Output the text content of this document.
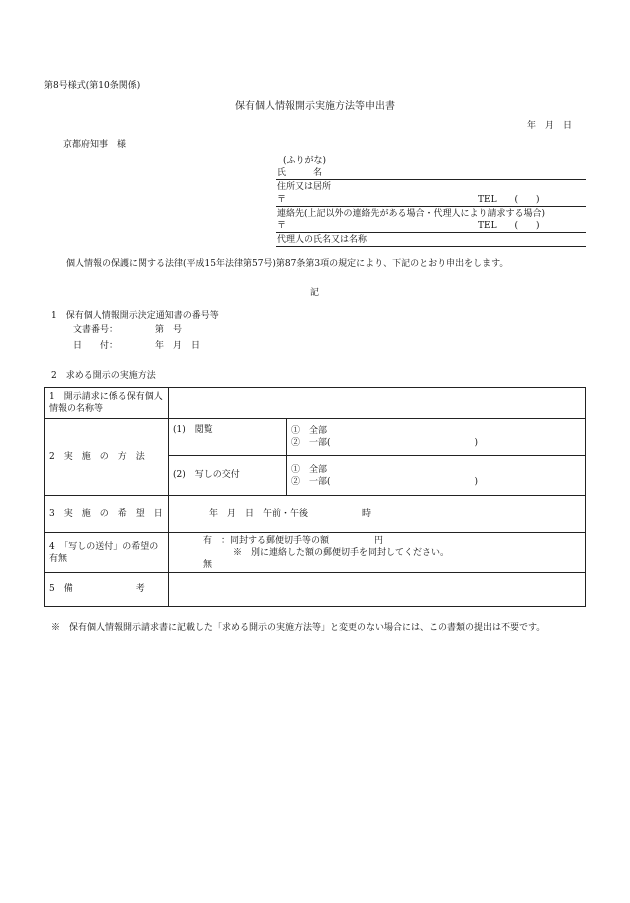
第8号様式(第10条関係)
保有個人情報開示実施方法等申出書
年　月　日
京都府知事　様
(ふりがな)
氏　　　名
住所又は居所
〒	TEL　　(　　)
連絡先(上記以外の連絡先がある場合・代理人により請求する場合)
〒	TEL　　(　　)
代理人の氏名又は名称
個人情報の保護に関する法律(平成15年法律第57号)第87条第3項の規定により、下記のとおり申出をします。
記
1　保有個人情報開示決定通知書の番号等
文書番号：	第　号
日　　付：	年　月　日
2　求める開示の実施方法
1　開示請求に係る保有個人情報の名称等		
2　実　施　の　方　法	(1)　閲覧	①　全部
②　一部(　　　　　　　　　　　　　　　　)

	(2)　写しの交付	①　全部
②　一部(　　　　　　　　　　　　　　　　)

3　実　施　の　希　望　日	年　月　日　午前・午後　　　　　　時	
4　「写しの送付」の希望の有無	有　：同封する郵便切手等の額　　　　　円
※　別に連絡した額の郵便切手を同封してください。
無	

5　備　　　　　　　考		
※　保有個人情報開示請求書に記載した「求める開示の実施方法等」と変更のない場合には、この書類の提出は不要です。
